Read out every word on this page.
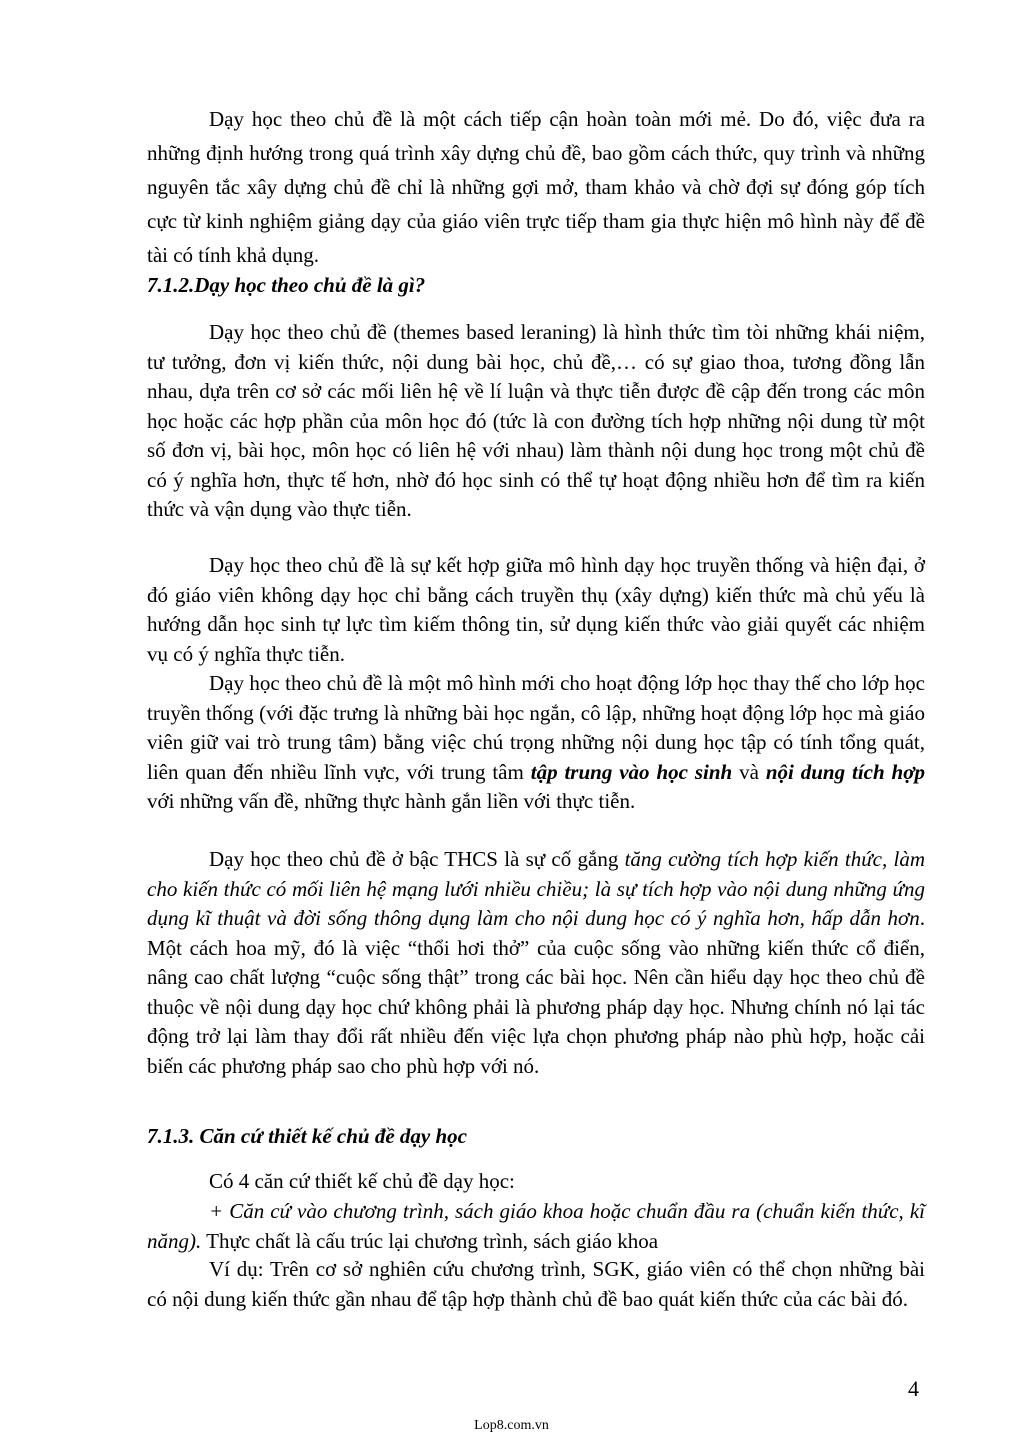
Dạy học theo chủ đề là một cách tiếp cận hoàn toàn mới mẻ. Do đó, việc đưa ra những định hướng trong quá trình xây dựng chủ đề, bao gồm cách thức, quy trình và những nguyên tắc xây dựng chủ đề chỉ là những gợi mở, tham khảo và chờ đợi sự đóng góp tích cực từ kinh nghiệm giảng dạy của giáo viên trực tiếp tham gia thực hiện mô hình này để đề tài có tính khả dụng.

7.1.2.Dạy học theo chủ đề là gì?

Dạy học theo chủ đề (themes based leraning) là hình thức tìm tòi những khái niệm, tư tưởng, đơn vị kiến thức, nội dung bài học, chủ đề,… có sự giao thoa, tương đồng lẫn nhau, dựa trên cơ sở các mối liên hệ về lí luận và thực tiễn được đề cập đến trong các môn học hoặc các hợp phần của môn học đó (tức là con đường tích hợp những nội dung từ một số đơn vị, bài học, môn học có liên hệ với nhau) làm thành nội dung học trong một chủ đề có ý nghĩa hơn, thực tế hơn, nhờ đó học sinh có thể tự hoạt động nhiều hơn để tìm ra kiến thức và vận dụng vào thực tiễn.

Dạy học theo chủ đề là sự kết hợp giữa mô hình dạy học truyền thống và hiện đại, ở đó giáo viên không dạy học chỉ bằng cách truyền thụ (xây dựng) kiến thức mà chủ yếu là hướng dẫn học sinh tự lực tìm kiếm thông tin, sử dụng kiến thức vào giải quyết các nhiệm vụ có ý nghĩa thực tiễn.

Dạy học theo chủ đề là một mô hình mới cho hoạt động lớp học thay thế cho lớp học truyền thống (với đặc trưng là những bài học ngắn, cô lập, những hoạt động lớp học mà giáo viên giữ vai trò trung tâm) bằng việc chú trọng những nội dung học tập có tính tổng quát, liên quan đến nhiều lĩnh vực, với trung tâm tập trung vào học sinh và nội dung tích hợp với những vấn đề, những thực hành gắn liền với thực tiễn.

Dạy học theo chủ đề ở bậc THCS là sự cố gắng tăng cường tích hợp kiến thức, làm cho kiến thức có mối liên hệ mạng lưới nhiều chiều; là sự tích hợp vào nội dung những ứng dụng kĩ thuật và đời sống thông dụng làm cho nội dung học có ý nghĩa hơn, hấp dẫn hơn. Một cách hoa mỹ, đó là việc “thổi hơi thở” của cuộc sống vào những kiến thức cổ điển, nâng cao chất lượng “cuộc sống thật” trong các bài học. Nên cần hiểu dạy học theo chủ đề thuộc về nội dung dạy học chứ không phải là phương pháp dạy học. Nhưng chính nó lại tác động trở lại làm thay đổi rất nhiều đến việc lựa chọn phương pháp nào phù hợp, hoặc cải biến các phương pháp sao cho phù hợp với nó.

7.1.3. Căn cứ thiết kế chủ đề dạy học

Có 4 căn cứ thiết kế chủ đề dạy học:

+ Căn cứ vào chương trình, sách giáo khoa hoặc chuẩn đầu ra (chuẩn kiến thức, kĩ năng). Thực chất là cấu trúc lại chương trình, sách giáo khoa

Ví dụ: Trên cơ sở nghiên cứu chương trình, SGK, giáo viên có thể chọn những bài có nội dung kiến thức gần nhau để tập hợp thành chủ đề bao quát kiến thức của các bài đó.

4
Lop8.com.vn
